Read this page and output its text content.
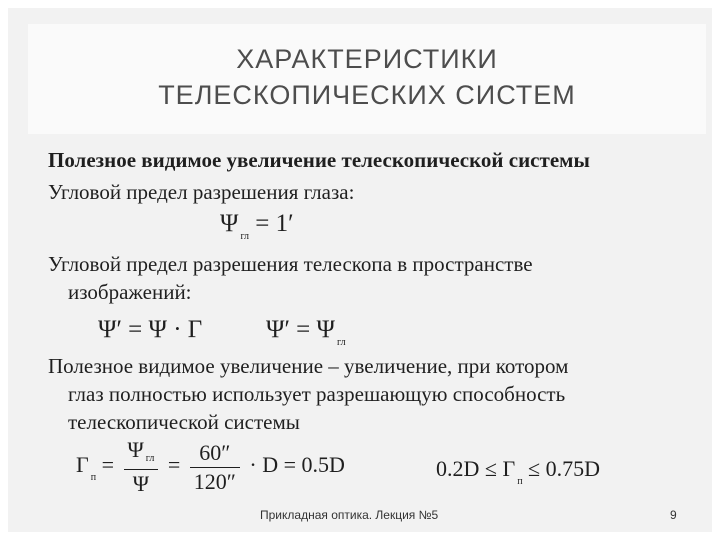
ХАРАКТЕРИСТИКИ
ТЕЛЕСКОПИЧЕСКИХ СИСТЕМ
Полезное видимое увеличение телескопической системы
Угловой предел разрешения глаза:
Ψ $_{гл}$ = 1′
Угловой предел разрешения телескопа в пространстве
изображений:
Ψ′ = Ψ · Γ	Ψ′ = Ψ $_{гл}$
Полезное видимое увеличение – увеличение, при котором
глаз полностью использует разрешающую способность
телескопической системы
$\Gamma_п = \frac{\text{Ψ гл}}{\Psi} = \frac{60''}{120''} \cdot D = 0.5D$	$0.2D \le \Gamma_п \le 0.75D$
Прикладная оптика. Лекция №5	9
